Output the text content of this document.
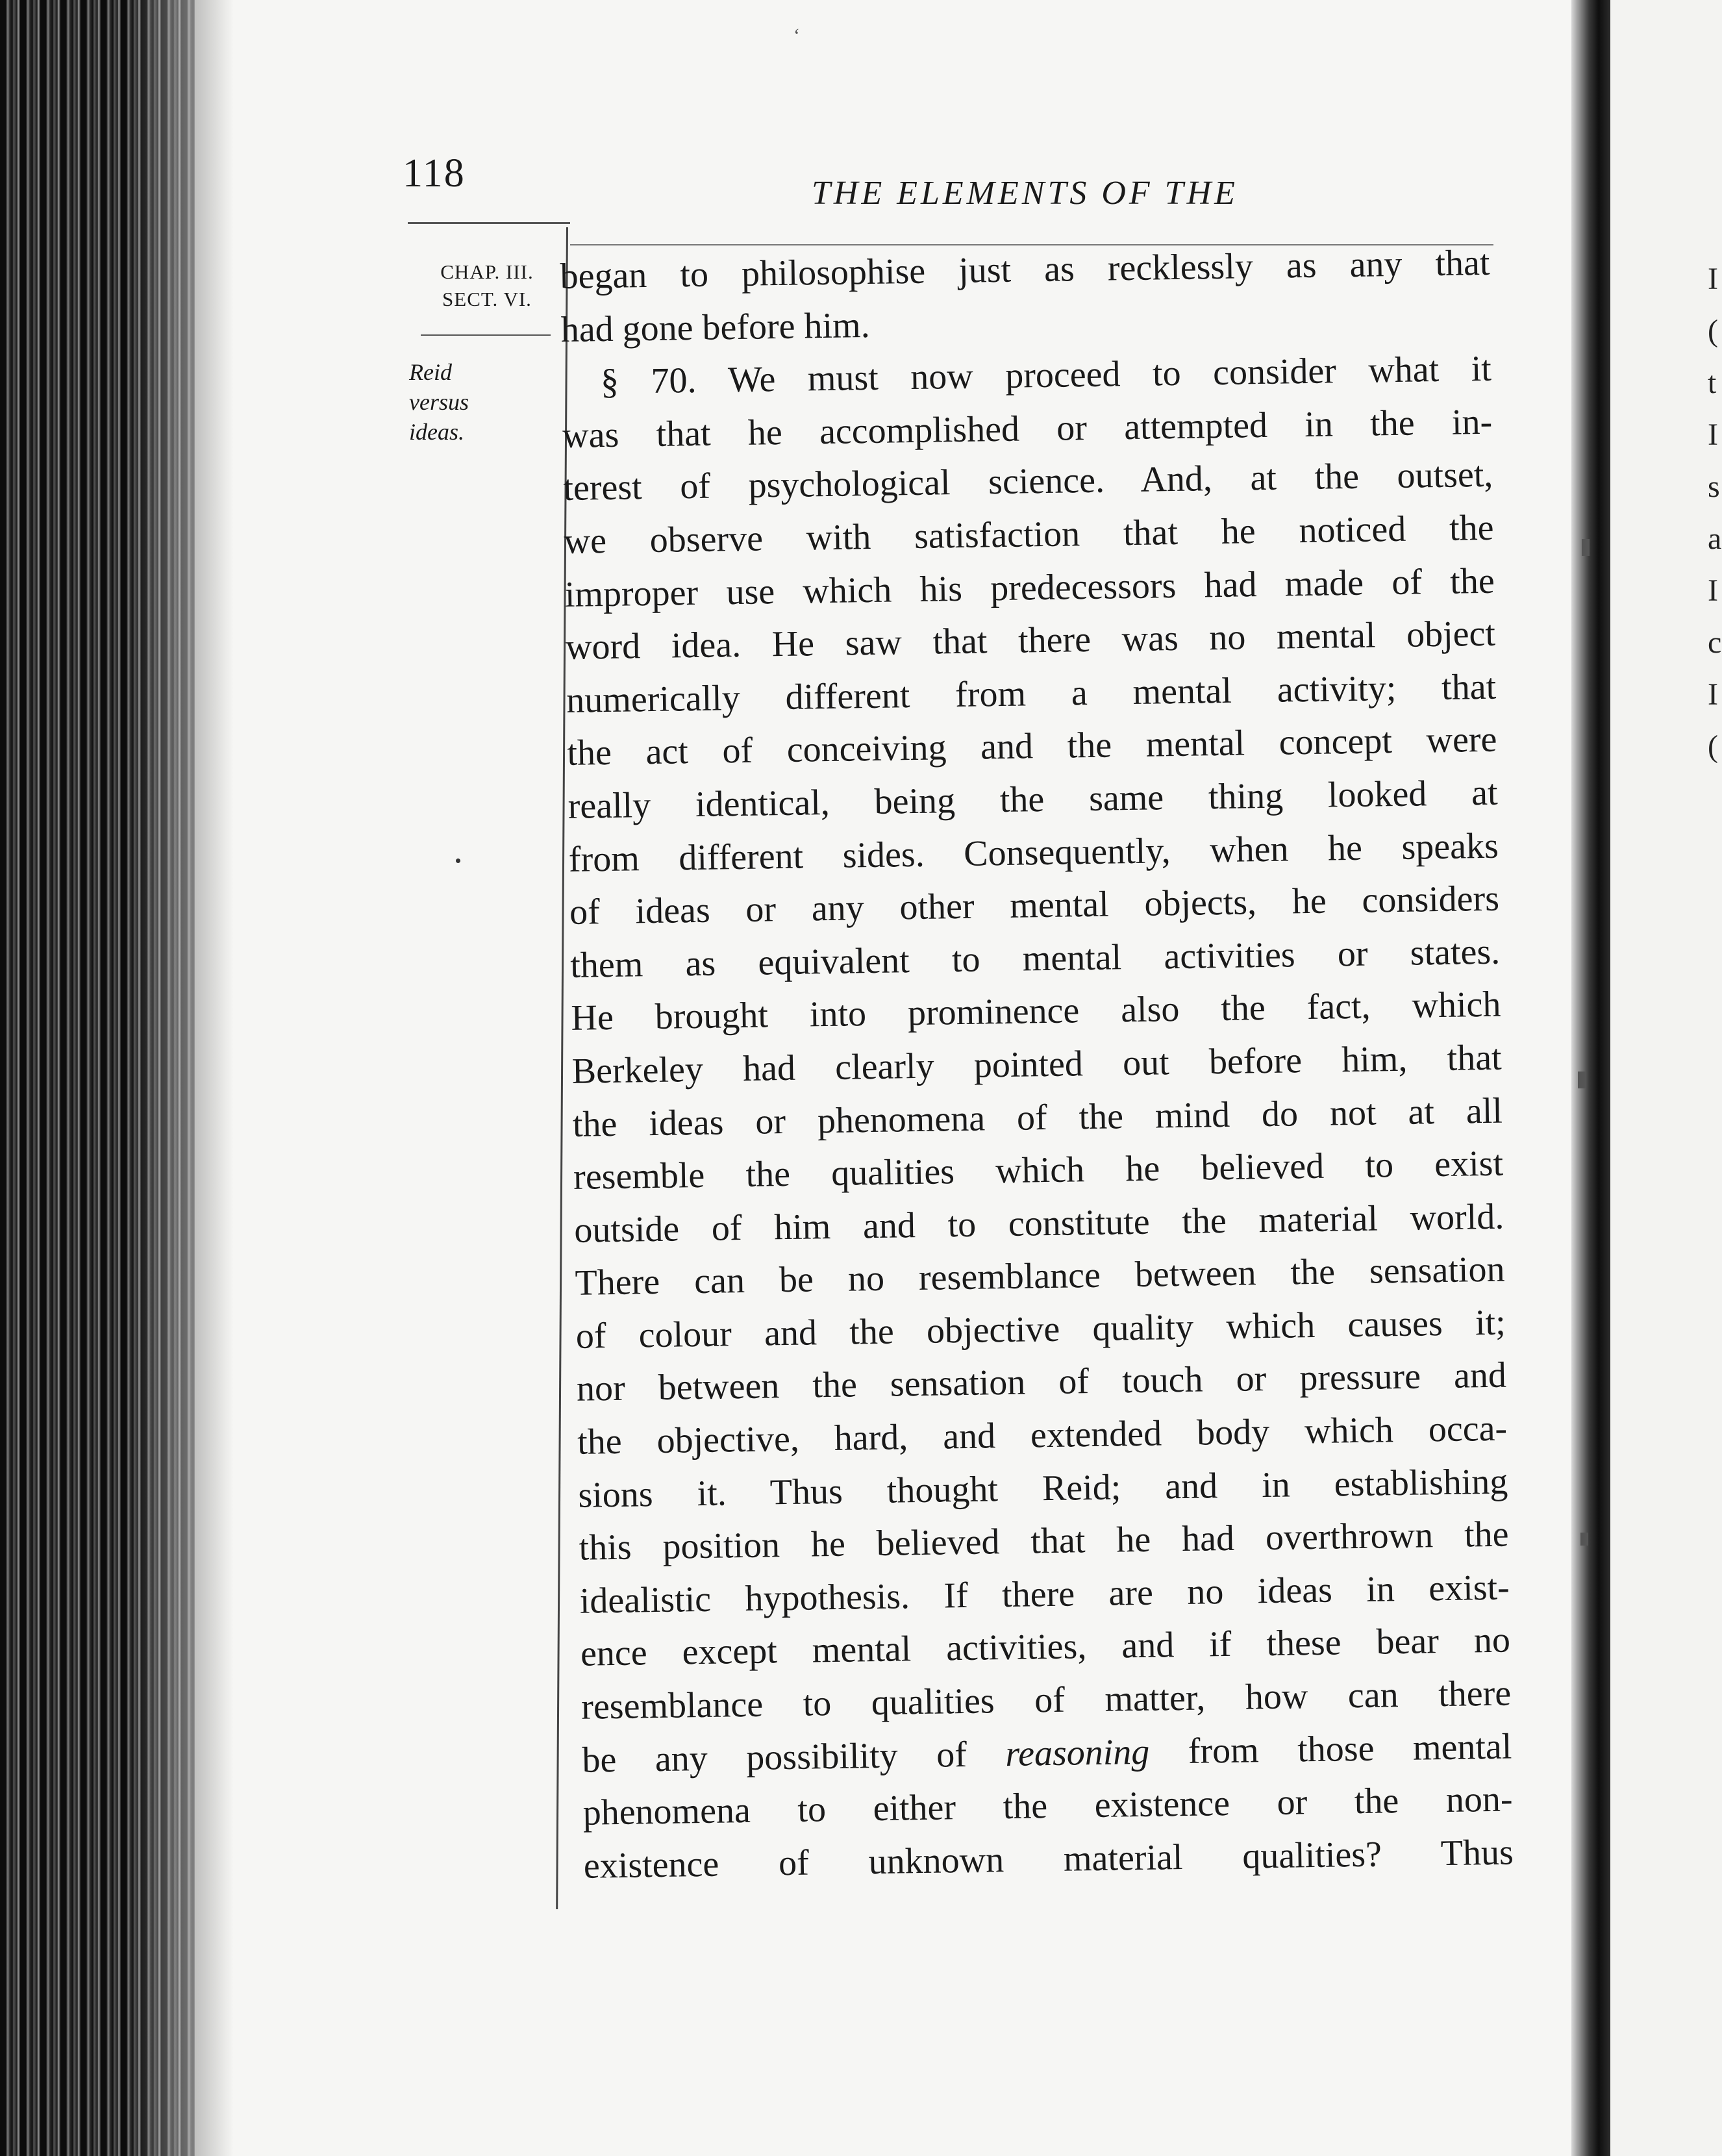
I
(
t
I
s
a
I
c
I
(
‘
118	THE ELEMENTS OF THE
CHAP. III.
SECT. VI.
Reid
versus
ideas.
began to philosophise just as recklessly as any that
had gone before him.
§ 70. We must now proceed to consider what it
was that he accomplished or attempted in the in-
terest of psychological science. And, at the outset,
we observe with satisfaction that he noticed the
improper use which his predecessors had made of the
word idea. He saw that there was no mental object
numerically different from a mental activity; that
the act of conceiving and the mental concept were
really identical, being the same thing looked at
from different sides. Consequently, when he speaks
of ideas or any other mental objects, he considers
them as equivalent to mental activities or states.
He brought into prominence also the fact, which
Berkeley had clearly pointed out before him, that
the ideas or phenomena of the mind do not at all
resemble the qualities which he believed to exist
outside of him and to constitute the material world.
There can be no resemblance between the sensation
of colour and the objective quality which causes it;
nor between the sensation of touch or pressure and
the objective, hard, and extended body which occa-
sions it. Thus thought Reid; and in establishing
this position he believed that he had overthrown the
idealistic hypothesis. If there are no ideas in exist-
ence except mental activities, and if these bear no
resemblance to qualities of matter, how can there
be any possibility of reasoning from those mental
phenomena to either the existence or the non-
existence of unknown material qualities? Thus
